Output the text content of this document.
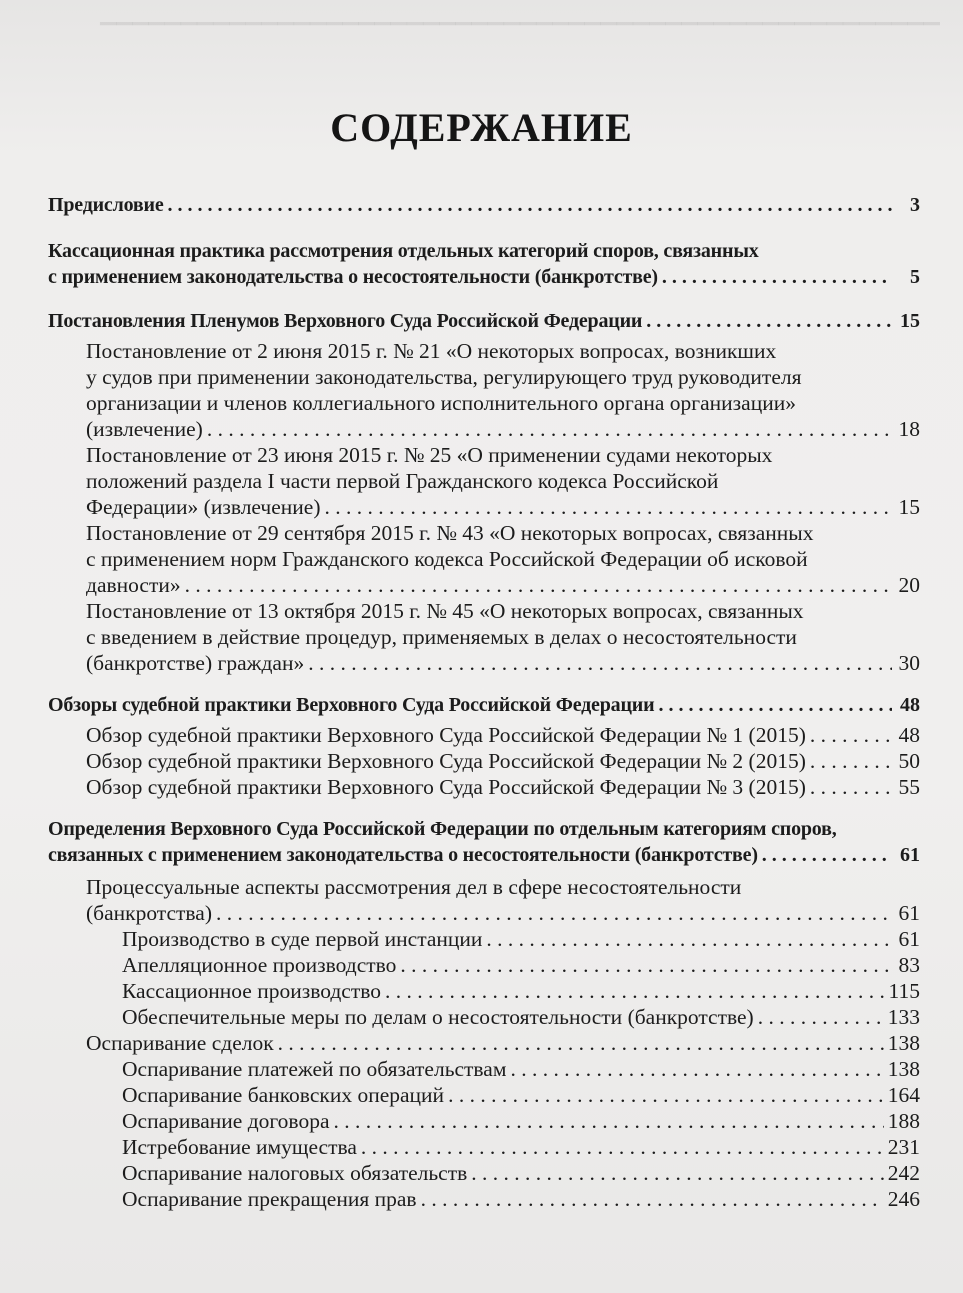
▁▁▁▁▁▁▁▁▁▁▁▁▁▁▁▁▁▁▁▁▁▁▁▁▁▁▁▁▁▁▁▁▁▁▁▁▁▁▁▁▁▁▁▁▁▁▁▁▁▁▁▁
СОДЕРЖАНИЕ
Предисловие . . .	3
Кассационная практика рассмотрения отдельных категорий споров, связанных
с применением законодательства о несостоятельности (банкротстве) . . .	5
Постановления Пленумов Верховного Суда Российской Федерации . . .	15
Постановление от 2 июня 2015 г. № 21 «О некоторых вопросах, возникших
у судов при применении законодательства, регулирующего труд руководителя
организации и членов коллегиального исполнительного органа организации»
(извлечение) . . .	18
Постановление от 23 июня 2015 г. № 25 «О применении судами некоторых
положений раздела I части первой Гражданского кодекса Российской
Федерации» (извлечение) . . .	15
Постановление от 29 сентября 2015 г. № 43 «О некоторых вопросах, связанных
с применением норм Гражданского кодекса Российской Федерации об исковой
давности» . . .	20
Постановление от 13 октября 2015 г. № 45 «О некоторых вопросах, связанных
с введением в действие процедур, применяемых в делах о несостоятельности
(банкротстве) граждан» . . .	30
Обзоры судебной практики Верховного Суда Российской Федерации . . .	48
Обзор судебной практики Верховного Суда Российской Федерации № 1 (2015) . . .	48
Обзор судебной практики Верховного Суда Российской Федерации № 2 (2015) . . .	50
Обзор судебной практики Верховного Суда Российской Федерации № 3 (2015) . . .	55
Определения Верховного Суда Российской Федерации по отдельным категориям споров,
связанных с применением законодательства о несостоятельности (банкротстве) . . .	61
Процессуальные аспекты рассмотрения дел в сфере несостоятельности
(банкротства) . . .	61
Производство в суде первой инстанции . . .	61
Апелляционное производство . . .	83
Кассационное производство . . .	115
Обеспечительные меры по делам о несостоятельности (банкротстве) . . .	133
Оспаривание сделок . . .	138
Оспаривание платежей по обязательствам . . .	138
Оспаривание банковских операций . . .	164
Оспаривание договора . . .	188
Истребование имущества . . .	231
Оспаривание налоговых обязательств . . .	242
Оспаривание прекращения прав . . .	246
